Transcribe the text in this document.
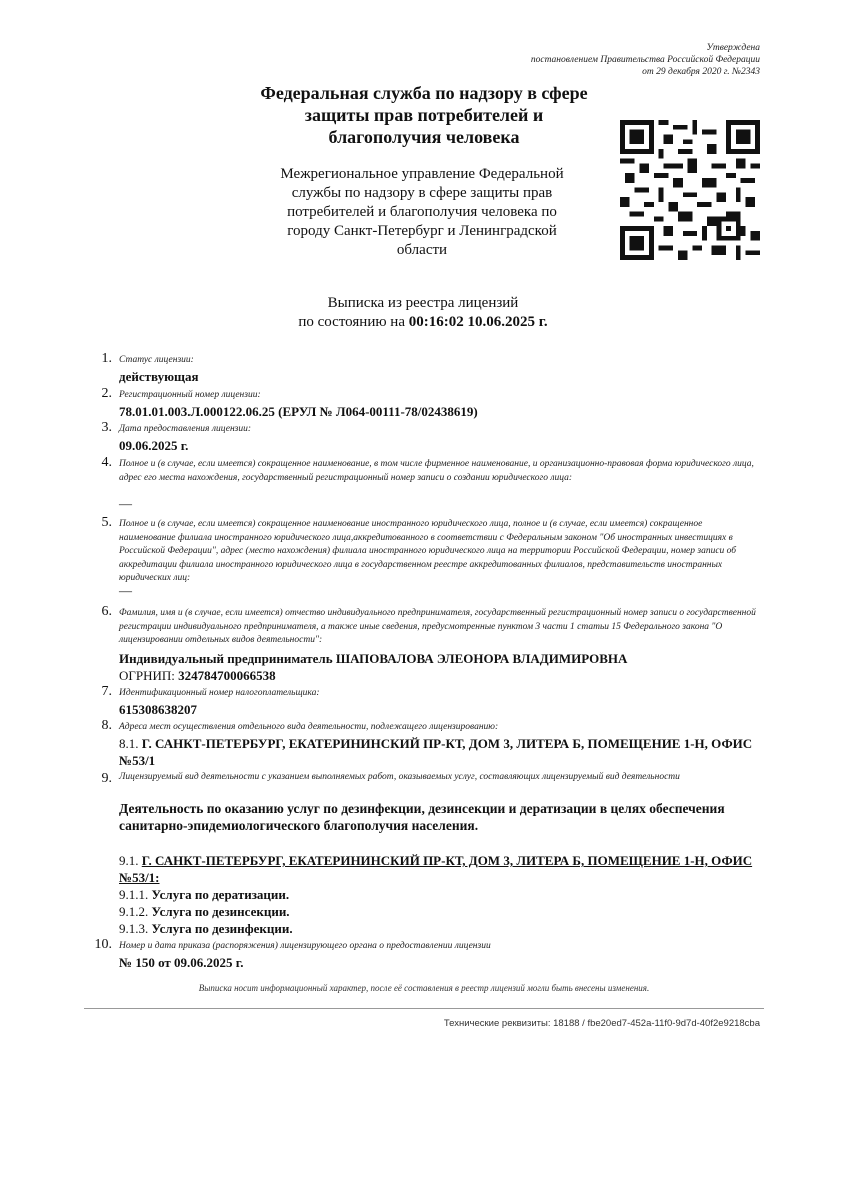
Утверждена
постановлением Правительства Российской Федерации
от 29 декабря 2020 г. №2343
Федеральная служба по надзору в сфере защиты прав потребителей и благополучия человека
Межрегиональное управление Федеральной службы по надзору в сфере защиты прав потребителей и благополучия человека по городу Санкт-Петербург и Ленинградской области
Выписка из реестра лицензий
по состоянию на 00:16:02 10.06.2025 г.
1. Статус лицензии:
действующая
2. Регистрационный номер лицензии:
78.01.01.003.Л.000122.06.25 (ЕРУЛ № Л064-00111-78/02438619)
3. Дата предоставления лицензии:
09.06.2025 г.
4. Полное и (в случае, если имеется) сокращенное наименование, в том числе фирменное наименование, и организационно-правовая форма юридического лица, адрес его места нахождения, государственный регистрационный номер записи о создании юридического лица:
—
5. Полное и (в случае, если имеется) сокращенное наименование иностранного юридического лица, полное и (в случае, если имеется) сокращенное наименование филиала иностранного юридического лица,аккредитованного в соответствии с Федеральным законом "Об иностранных инвестициях в Российской Федерации", адрес (место нахождения) филиала иностранного юридического лица на территории Российской Федерации, номер записи об аккредитации филиала иностранного юридического лица в государственном реестре аккредитованных филиалов, представительств иностранных юридических лиц:
—
6. Фамилия, имя и (в случае, если имеется) отчество индивидуального предпринимателя, государственный регистрационный номер записи о государственной регистрации индивидуального предпринимателя, а также иные сведения, предусмотренные пунктом 3 части 1 статьи 15 Федерального закона "О лицензировании отдельных видов деятельности":
Индивидуальный предприниматель ШАПОВАЛОВА ЭЛЕОНОРА ВЛАДИМИРОВНА
ОГРНИП: 324784700066538
7. Идентификационный номер налогоплательщика:
615308638207
8. Адреса мест осуществления отдельного вида деятельности, подлежащего лицензированию:
8.1. Г. САНКТ-ПЕТЕРБУРГ, ЕКАТЕРИНИНСКИЙ ПР-КТ, ДОМ 3, ЛИТЕРА Б, ПОМЕЩЕНИЕ 1-Н, ОФИС №53/1
9. Лицензируемый вид деятельности с указанием выполняемых работ, оказываемых услуг, составляющих лицензируемый вид деятельности
Деятельность по оказанию услуг по дезинфекции, дезинсекции и дератизации в целях обеспечения санитарно-эпидемиологического благополучия населения.
9.1. Г. САНКТ-ПЕТЕРБУРГ, ЕКАТЕРИНИНСКИЙ ПР-КТ, ДОМ 3, ЛИТЕРА Б, ПОМЕЩЕНИЕ 1-Н, ОФИС №53/1:
9.1.1. Услуга по дератизации.
9.1.2. Услуга по дезинсекции.
9.1.3. Услуга по дезинфекции.
10. Номер и дата приказа (распоряжения) лицензирующего органа о предоставлении лицензии
№ 150 от 09.06.2025 г.
Выписка носит информационный характер, после её составления в реестр лицензий могли быть внесены изменения.
Технические реквизиты: 18188 / fbe20ed7-452a-11f0-9d7d-40f2e9218cba
